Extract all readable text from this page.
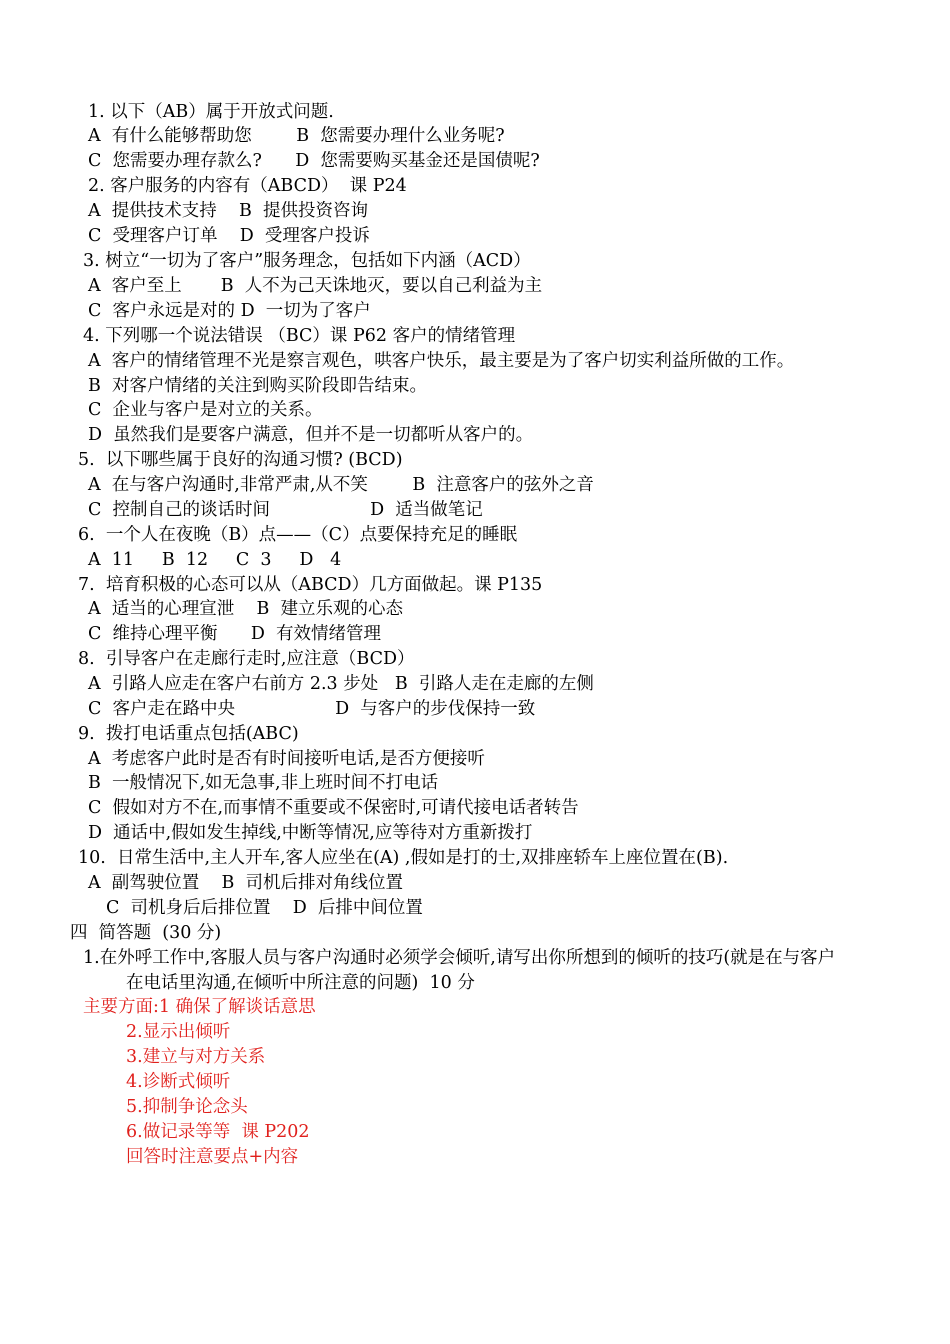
1. 以下（AB）属于开放式问题.
A  有什么能够帮助您        B  您需要办理什么业务呢?
C  您需要办理存款么?      D  您需要购买基金还是国债呢?
2. 客户服务的内容有（ABCD）  课 P24
A  提供技术支持    B  提供投资咨询
C  受理客户订单    D  受理客户投诉
3. 树立“一切为了客户”服务理念，包括如下内涵（ACD）
A  客户至上       B  人不为己天诛地灭，要以自己利益为主
C  客户永远是对的 D  一切为了客户
4. 下列哪一个说法错误 （BC）课 P62 客户的情绪管理
A  客户的情绪管理不光是察言观色，哄客户快乐，最主要是为了客户切实利益所做的工作。
B  对客户情绪的关注到购买阶段即告结束。
C  企业与客户是对立的关系。
D  虽然我们是要客户满意，但并不是一切都听从客户的。
5.  以下哪些属于良好的沟通习惯? (BCD)
A  在与客户沟通时,非常严肃,从不笑        B  注意客户的弦外之音
C  控制自己的谈话时间                  D  适当做笔记
6.  一个人在夜晚（B）点——（C）点要保持充足的睡眠
A  11     B  12     C  3     D   4
7.  培育积极的心态可以从（ABCD）几方面做起。课 P135
A  适当的心理宣泄    B  建立乐观的心态
C  维持心理平衡      D  有效情绪管理
8.  引导客户在走廊行走时,应注意（BCD）
A  引路人应走在客户右前方 2.3 步处   B  引路人走在走廊的左侧
C  客户走在路中央                  D  与客户的步伐保持一致
9.  拨打电话重点包括(ABC)
A  考虑客户此时是否有时间接听电话,是否方便接听
B  一般情况下,如无急事,非上班时间不打电话
C  假如对方不在,而事情不重要或不保密时,可请代接电话者转告
D  通话中,假如发生掉线,中断等情况,应等待对方重新拨打
10.  日常生活中,主人开车,客人应坐在(A) ,假如是打的士,双排座轿车上座位置在(B).
A  副驾驶位置    B  司机后排对角线位置
C  司机身后后排位置    D  后排中间位置
四  简答题  (30 分)
1.在外呼工作中,客服人员与客户沟通时必须学会倾听,请写出你所想到的倾听的技巧(就是在与客户
在电话里沟通,在倾听中所注意的问题)  10 分
主要方面:1 确保了解谈话意思
2.显示出倾听
3.建立与对方关系
4.诊断式倾听
5.抑制争论念头
6.做记录等等  课 P202
回答时注意要点+内容
